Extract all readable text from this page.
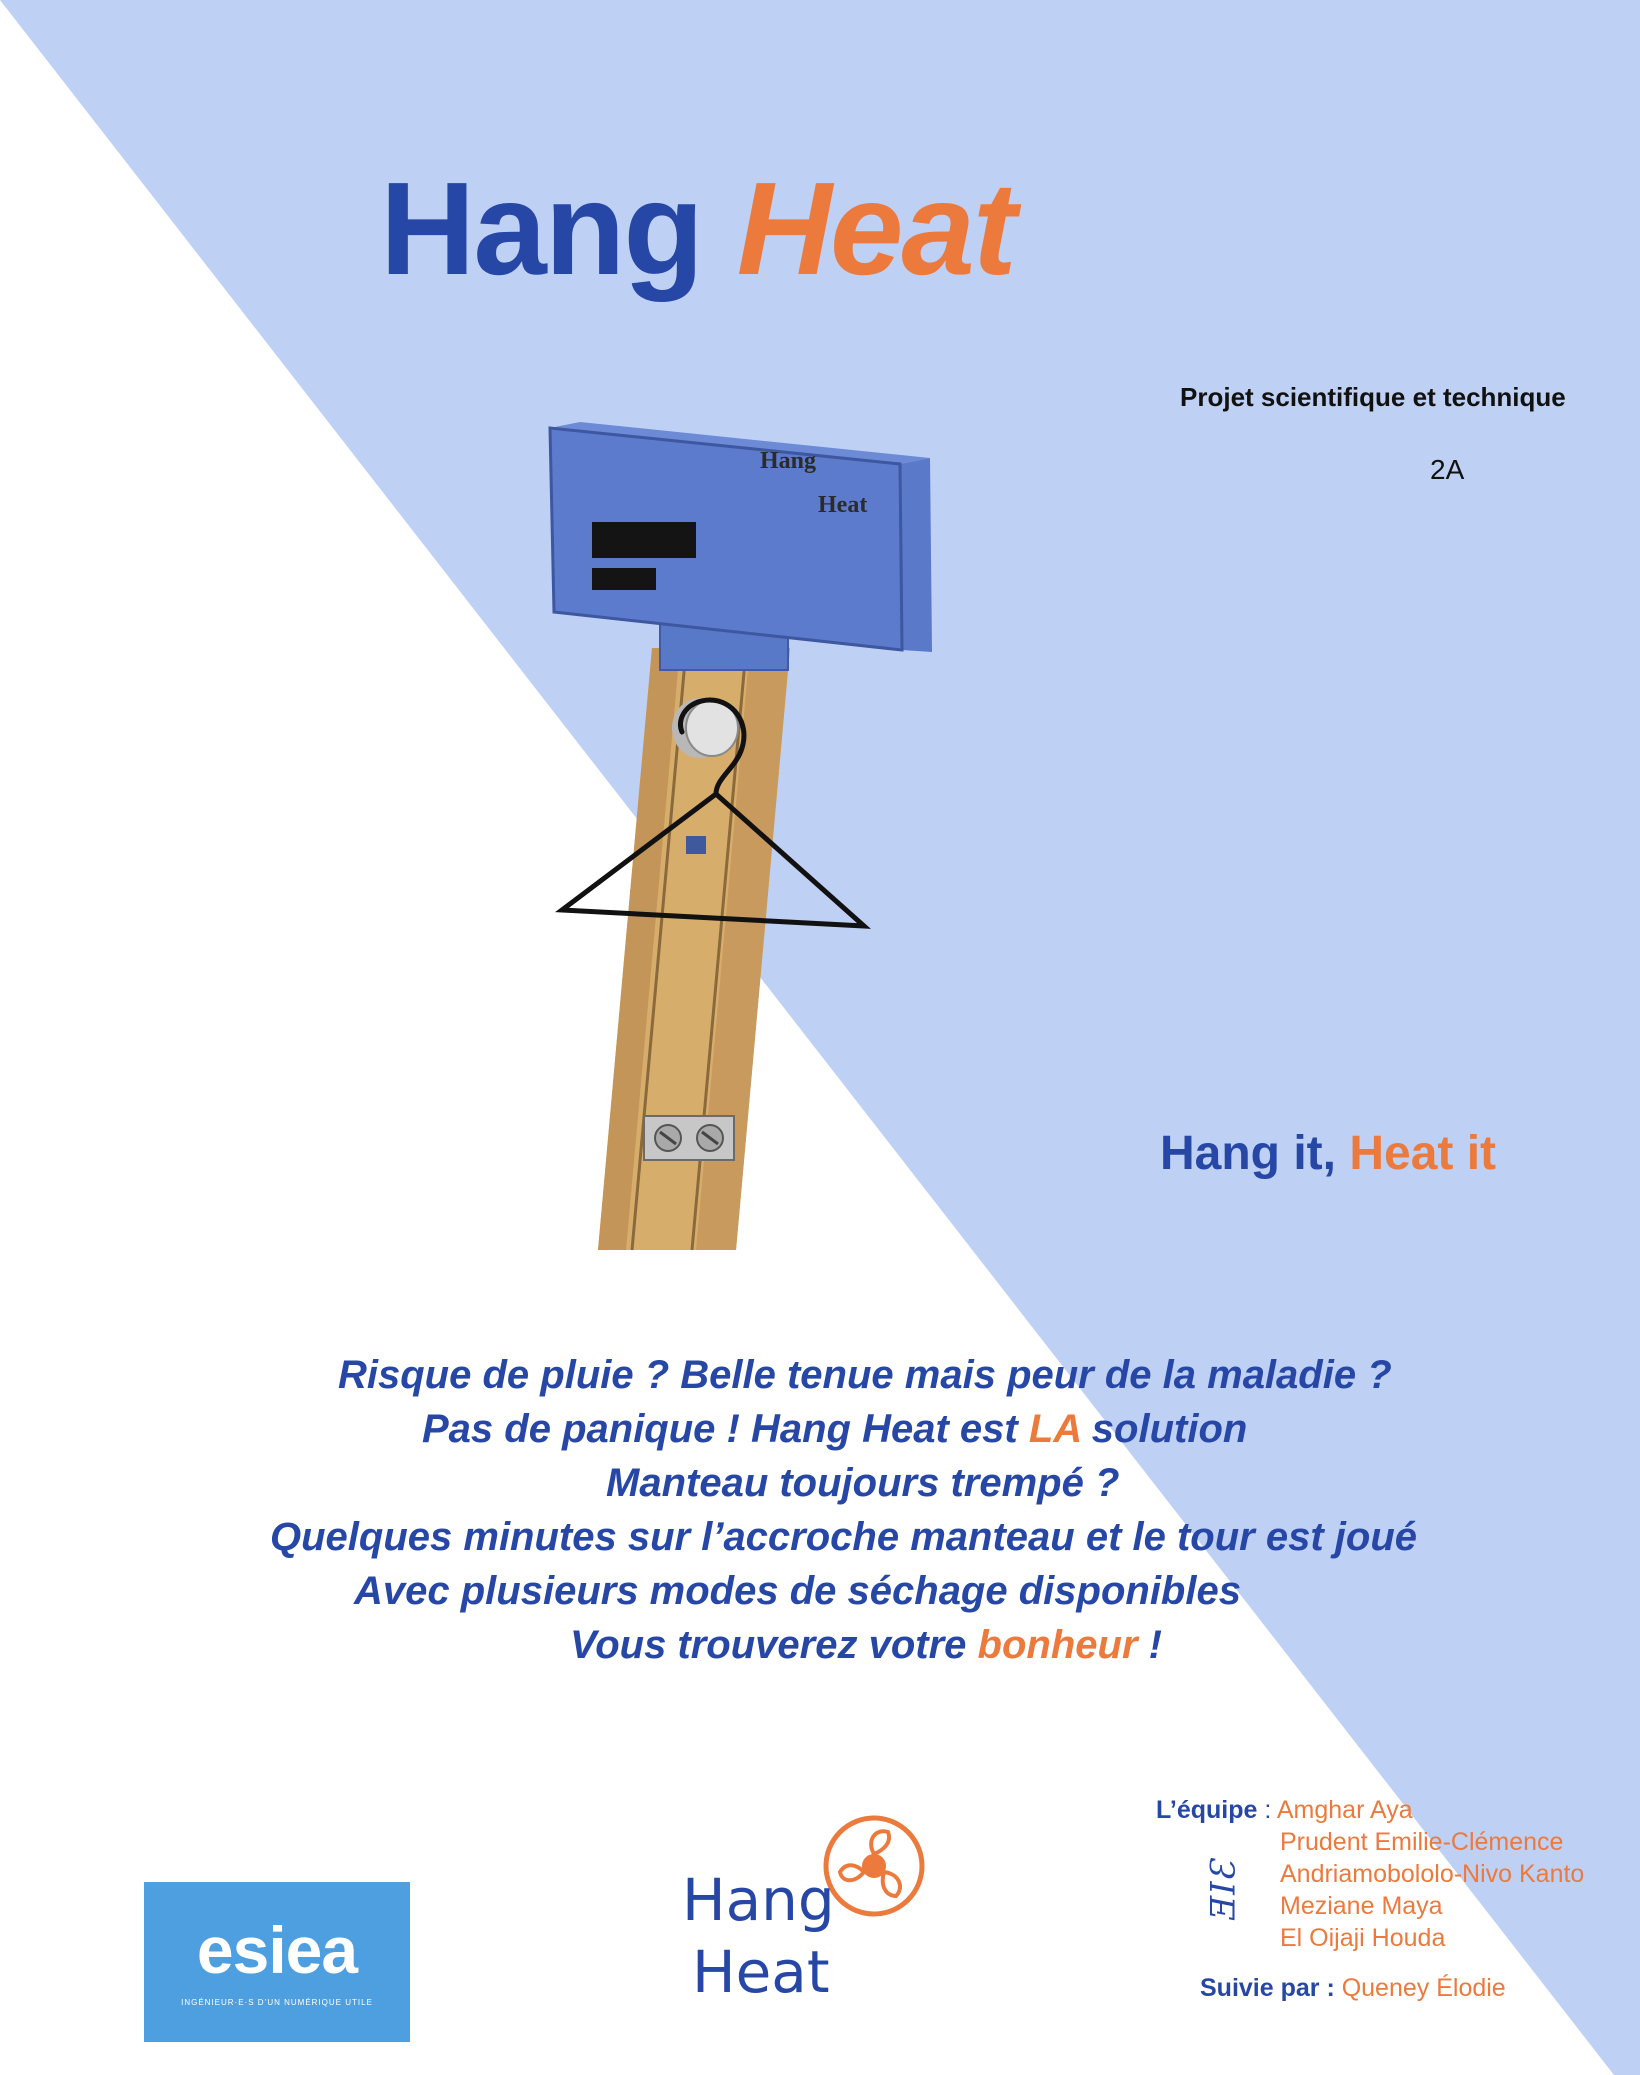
Hang Heat
Projet scientifique et technique
2A
Hang
Heat
Hang it, Heat it
Risque de pluie ? Belle tenue mais peur de la maladie ?
Pas de panique ! Hang Heat est LA solution
Manteau toujours trempé ?
Quelques minutes sur l’accroche manteau et le tour est joué
Avec plusieurs modes de séchage disponibles
Vous trouverez votre bonheur !
esiea
INGÉNIEUR·E·S D’UN NUMÉRIQUE UTILE
Hang
Heat
L’équipe : Amghar Aya
Prudent Emilie-Clémence
Andriamobololo-Nivo Kanto
Meziane Maya
El Oijaji Houda
ƎIƐ
Suivie par : Queney Élodie
